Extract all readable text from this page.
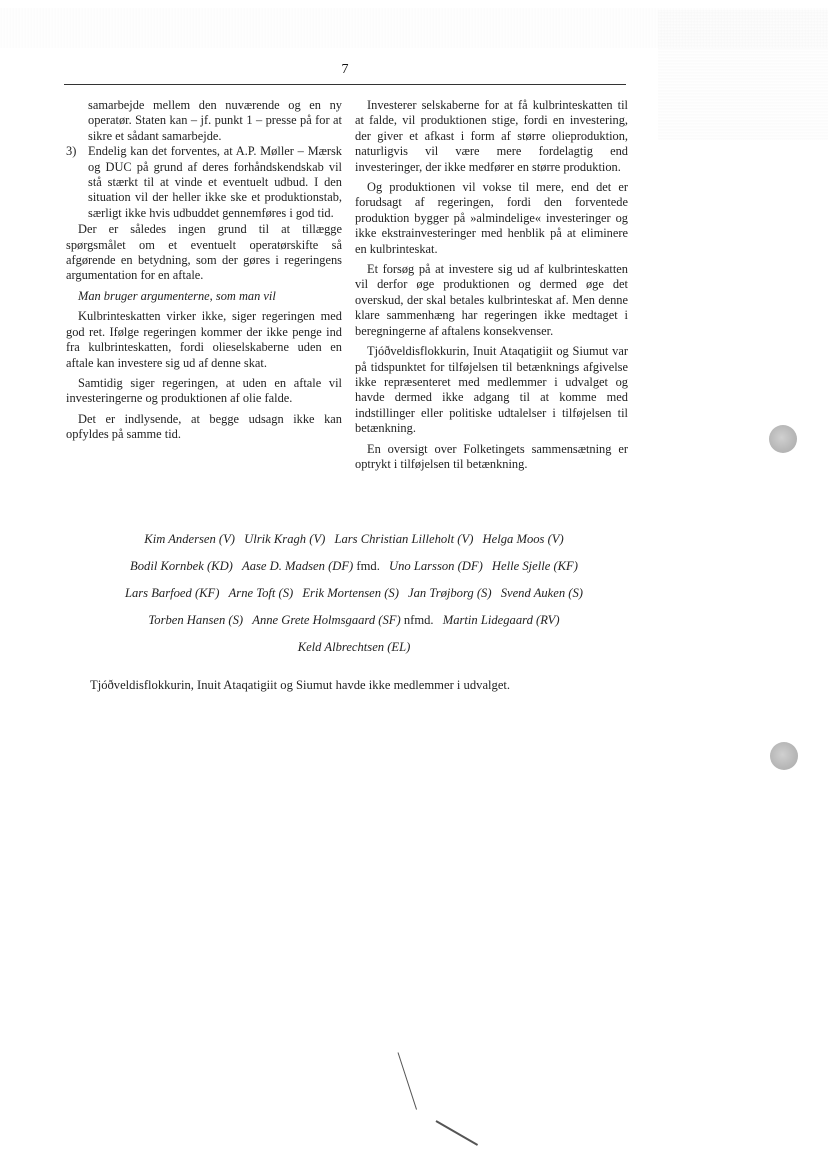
7

samarbejde mellem den nuværende og en ny operatør. Staten kan – jf. punkt 1 – presse på for at sikre et sådant samarbejde.

3) Endelig kan det forventes, at A.P. Møller – Mærsk og DUC på grund af deres forhåndskendskab vil stå stærkt til at vinde et eventuelt udbud. I den situation vil der heller ikke ske et produktionstab, særligt ikke hvis udbuddet gennemføres i god tid.

Der er således ingen grund til at tillægge spørgsmålet om et eventuelt operatørskifte så afgørende en betydning, som der gøres i regeringens argumentation for en aftale.

Man bruger argumenterne, som man vil

Kulbrinteskatten virker ikke, siger regeringen med god ret. Ifølge regeringen kommer der ikke penge ind fra kulbrinteskatten, fordi olieselskaberne uden en aftale kan investere sig ud af denne skat.

Samtidig siger regeringen, at uden en aftale vil investeringerne og produktionen af olie falde.

Det er indlysende, at begge udsagn ikke kan opfyldes på samme tid.

Investerer selskaberne for at få kulbrinteskatten til at falde, vil produktionen stige, fordi en investering, der giver et afkast i form af større olieproduktion, naturligvis vil være mere fordelagtig end investeringer, der ikke medfører en større produktion.

Og produktionen vil vokse til mere, end det er forudsagt af regeringen, fordi den forventede produktion bygger på »almindelige« investeringer og ikke ekstrainvesteringer med henblik på at eliminere en kulbrinteskat.

Et forsøg på at investere sig ud af kulbrinteskatten vil derfor øge produktionen og dermed øge det overskud, der skal betales kulbrinteskat af. Men denne klare sammenhæng har regeringen ikke medtaget i beregningerne af aftalens konsekvenser.

Tjóðveldisflokkurin, Inuit Ataqatigiit og Siumut var på tidspunktet for tilføjelsen til betænknings afgivelse ikke repræsenteret med medlemmer i udvalget og havde dermed ikke adgang til at komme med indstillinger eller politiske udtalelser i tilføjelsen til betænkning.

En oversigt over Folketingets sammensætning er optrykt i tilføjelsen til betænkning.

Kim Andersen (V) Ulrik Kragh (V) Lars Christian Lilleholt (V) Helga Moos (V)
Bodil Kornbek (KD) Aase D. Madsen (DF) fmd. Uno Larsson (DF) Helle Sjelle (KF)
Lars Barfoed (KF) Arne Toft (S) Erik Mortensen (S) Jan Trøjborg (S) Svend Auken (S)
Torben Hansen (S) Anne Grete Holmsgaard (SF) nfmd. Martin Lidegaard (RV)
Keld Albrechtsen (EL)
Tjóðveldisflokkurin, Inuit Ataqatigiit og Siumut havde ikke medlemmer i udvalget.
